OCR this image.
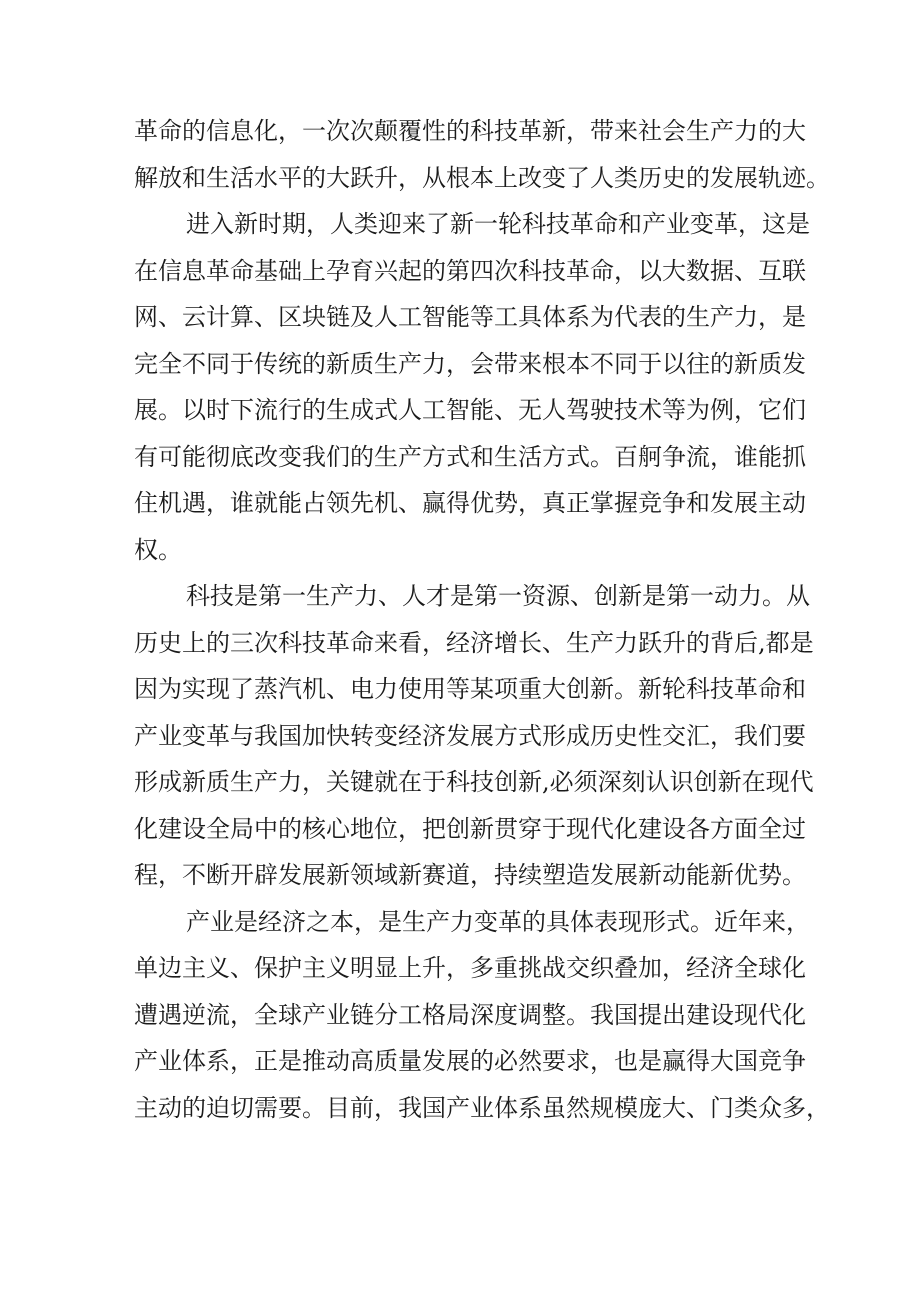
革命的信息化，一次次颠覆性的科技革新，带来社会生产力的大
解放和生活水平的大跃升，从根本上改变了人类历史的发展轨迹。
进入新时期，人类迎来了新一轮科技革命和产业变革，这是
在信息革命基础上孕育兴起的第四次科技革命，以大数据、互联
网、云计算、区块链及人工智能等工具体系为代表的生产力，是
完全不同于传统的新质生产力，会带来根本不同于以往的新质发
展。以时下流行的生成式人工智能、无人驾驶技术等为例，它们
有可能彻底改变我们的生产方式和生活方式。百舸争流，谁能抓
住机遇，谁就能占领先机、赢得优势，真正掌握竞争和发展主动
权。
科技是第一生产力、人才是第一资源、创新是第一动力。从
历史上的三次科技革命来看，经济增长、生产力跃升的背后,都是
因为实现了蒸汽机、电力使用等某项重大创新。新轮科技革命和
产业变革与我国加快转变经济发展方式形成历史性交汇，我们要
形成新质生产力，关键就在于科技创新,必须深刻认识创新在现代
化建设全局中的核心地位，把创新贯穿于现代化建设各方面全过
程，不断开辟发展新领域新赛道，持续塑造发展新动能新优势。
产业是经济之本，是生产力变革的具体表现形式。近年来，
单边主义、保护主义明显上升，多重挑战交织叠加，经济全球化
遭遇逆流，全球产业链分工格局深度调整。我国提出建设现代化
产业体系，正是推动高质量发展的必然要求，也是赢得大国竞争
主动的迫切需要。目前，我国产业体系虽然规模庞大、门类众多，
